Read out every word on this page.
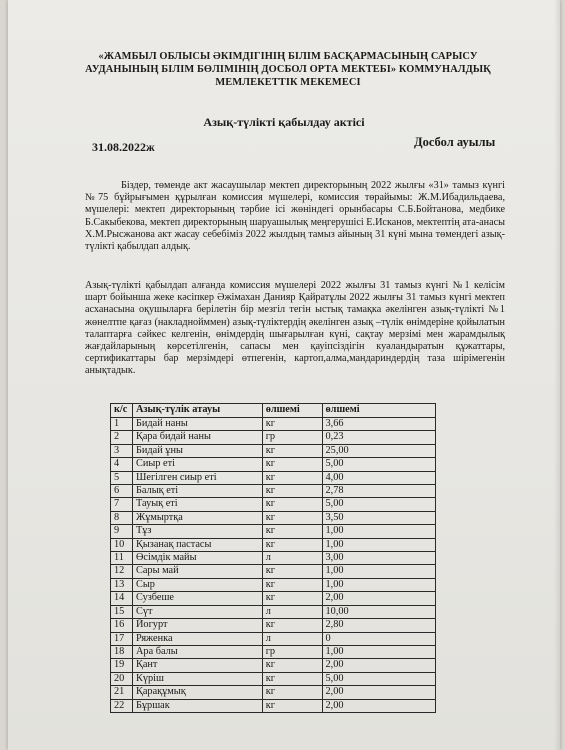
«ЖАМБЫЛ ОБЛЫСЫ ӘКІМДІГІНІҢ БІЛІМ БАСҚАРМАСЫНЫҢ САРЫСУ
АУДАНЫНЫҢ БІЛІМ БӨЛІМІНІҢ ДОСБОЛ ОРТА МЕКТЕБІ» КОММУНАЛДЫҚ
МЕМЛЕКЕТТІК МЕКЕМЕСІ
Азық-түлікті қабылдау актісі
31.08.2022ж	Досбол ауылы
Біздер, төменде акт жасаушылар мектеп директорының 2022 жылғы «31» тамыз күнгі №75 бұйрығымен құрылған комиссия мүшелері, комиссия төрайымы: Ж.М.Ибадильдаева, мүшелері: мектеп директорының тәрбие ісі жөніндегі орынбасары С.Б.Бойтанова, медбике Б.Сакыбекова, мектеп директорының шаруашылық меңгерушісі Е.Исканов, мектептің ата-анасы Х.М.Рысжанова акт жасау себебіміз 2022 жылдың тамыз айының 31 күні мына төмендегі азық-түлікті қабылдап алдық.
Азық-түлікті қабылдап алғанда комиссия мүшелері 2022 жылғы 31 тамыз күнгі №1 келісім шарт бойынша жеке кәсіпкер Әжімахан Данияр Қайратұлы 2022 жылғы 31 тамыз күнгі мектеп асханасына оқушыларға берілетін бір мезгіл тегін ыстық тамақка әкелінген азық-түлікті №1 жөнелтпе қағаз (накладнойммен) азық-түліктердің әкелінген азық –түлік өнімдеріне қойылатын талаптарға сәйкес келгенін, өнімдердің шығарылған күні, сақтау мерзімі мен жарамдылық жағдайларының көрсетілгенін, сапасы мен қауіпсіздігін куәландыратын құжаттары, сертификаттары бар мерзімдері өтпегенін, картоп,алма,мандариндердің таза шірімегенін анықтадык.
к/с	Азық-түлік атауы	өлшемі	өлшемі
1	Бидай наны	кг	3,66
2	Қара бидай наны	гр	0,23
3	Бидай ұны	кг	25,00
4	Сиыр еті	кг	5,00
5	Шегілген сиыр еті	кг	4,00
6	Балық еті	кг	2,78
7	Тауық еті	кг	5,00
8	Жұмыртқа	кг	3,50
9	Тұз	кг	1,00
10	Қызанақ пастасы	кг	1,00
11	Өсімдік майы	л	3,00
12	Сары май	кг	1,00
13	Сыр	кг	1,00
14	Сузбеше	кг	2,00
15	Сүт	л	10,00
16	Йогурт	кг	2,80
17	Ряженка	л	0
18	Ара балы	гр	1,00
19	Қант	кг	2,00
20	Күріш	кг	5,00
21	Қарақұмық	кг	2,00
22	Бұршак	кг	2,00
